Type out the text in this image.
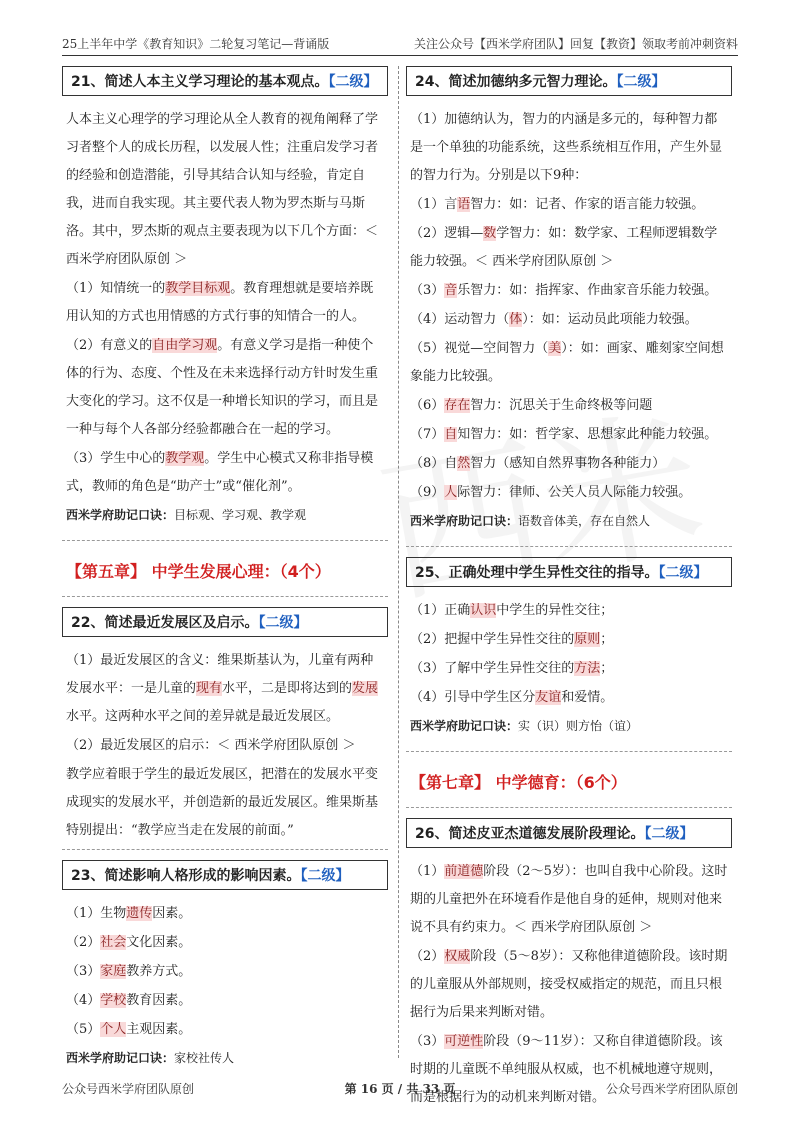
25上半年中学《教育知识》二轮复习笔记—背诵版	关注公众号【西米学府团队】回复【教资】领取考前冲刺资料
21、简述人本主义学习理论的基本观点。【二级】

人本主义心理学的学习理论从全人教育的视角阐释了学习者整个人的成长历程，以发展人性；注重启发学习者的经验和创造潜能，引导其结合认知与经验，肯定自我，进而自我实现。其主要代表人物为罗杰斯与马斯洛。其中，罗杰斯的观点主要表现为以下几个方面：＜ 西米学府团队原创 ＞

（1）知情统一的教学目标观。教育理想就是要培养既用认知的方式也用情感的方式行事的知情合一的人。

（2）有意义的自由学习观。有意义学习是指一种使个体的行为、态度、个性及在未来选择行动方针时发生重大变化的学习。这不仅是一种增长知识的学习，而且是一种与每个人各部分经验都融合在一起的学习。

（3）学生中心的教学观。学生中心模式又称非指导模式，教师的角色是“助产士”或“催化剂”。

西米学府助记口诀：目标观、学习观、教学观
【第五章】 中学生发展心理：（4个）
22、简述最近发展区及启示。【二级】

（1）最近发展区的含义：维果斯基认为，儿童有两种发展水平：一是儿童的现有水平，二是即将达到的发展水平。这两种水平之间的差异就是最近发展区。

（2）最近发展区的启示：＜ 西米学府团队原创 ＞

教学应着眼于学生的最近发展区，把潜在的发展水平变成现实的发展水平，并创造新的最近发展区。维果斯基特别提出：“教学应当走在发展的前面。”

23、简述影响人格形成的影响因素。【二级】

（1）生物遗传因素。

（2）社会文化因素。

（3）家庭教养方式。

（4）学校教育因素。

（5）个人主观因素。

西米学府助记口诀：家校社传人
24、简述加德纳多元智力理论。【二级】

（1）加德纳认为，智力的内涵是多元的，每种智力都是一个单独的功能系统，这些系统相互作用，产生外显的智力行为。分别是以下9种：

（1）言语智力：如：记者、作家的语言能力较强。

（2）逻辑—数学智力：如：数学家、工程师逻辑数学能力较强。＜ 西米学府团队原创 ＞

（3）音乐智力：如：指挥家、作曲家音乐能力较强。

（4）运动智力（体）：如：运动员此项能力较强。

（5）视觉—空间智力（美）：如：画家、雕刻家空间想象能力比较强。

（6）存在智力：沉思关于生命终极等问题

（7）自知智力：如：哲学家、思想家此种能力较强。

（8）自然智力（感知自然界事物各种能力）

（9）人际智力：律师、公关人员人际能力较强。

西米学府助记口诀：语数音体美，存在自然人
25、正确处理中学生异性交往的指导。【二级】

（1）正确认识中学生的异性交往；

（2）把握中学生异性交往的原则；

（3）了解中学生异性交往的方法；

（4）引导中学生区分友谊和爱情。

西米学府助记口诀：实（识）则方怡（谊）
【第七章】 中学德育：（6个）
26、简述皮亚杰道德发展阶段理论。【二级】

（1）前道德阶段（2～5岁）：也叫自我中心阶段。这时期的儿童把外在环境看作是他自身的延伸，规则对他来说不具有约束力。＜ 西米学府团队原创 ＞

（2）权威阶段（5～8岁）：又称他律道德阶段。该时期的儿童服从外部规则，接受权威指定的规范，而且只根据行为后果来判断对错。

（3）可逆性阶段（9～11岁）：又称自律道德阶段。该时期的儿童既不单纯服从权威，也不机械地遵守规则，而是根据行为的动机来判断对错。

公众号西米学府团队原创	第 16 页 / 共 33 页	公众号西米学府团队原创
